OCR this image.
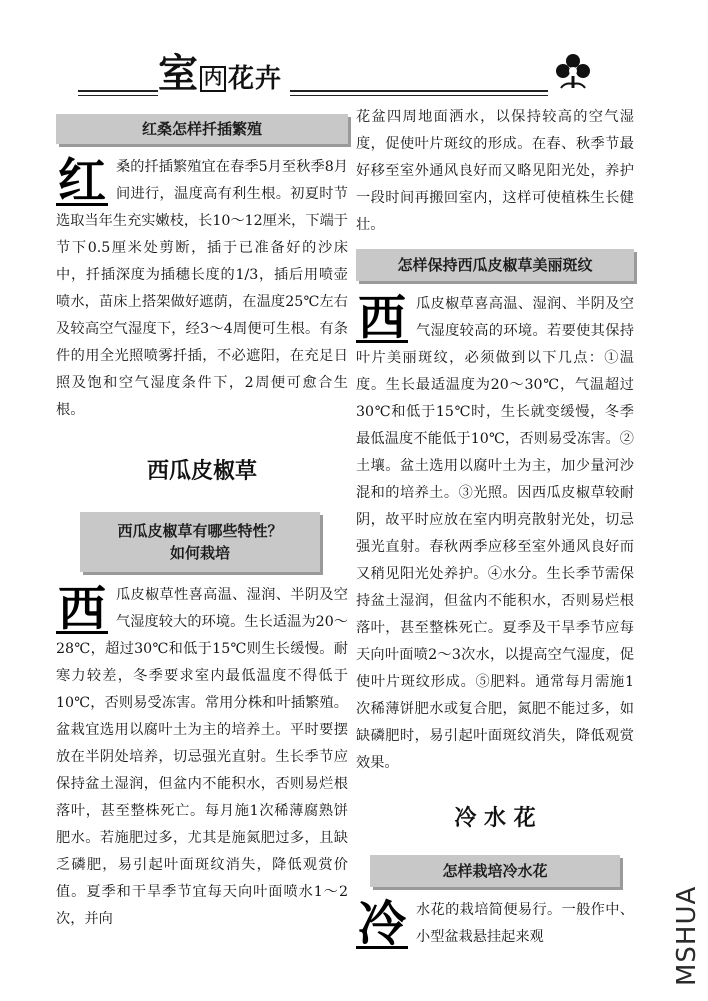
室 内 花卉
红桑怎样扦插繁殖

红 桑的扦插繁殖宜在春季5月至秋季8月间进行，温度高有利生根。初夏时节选取当年生充实嫩枝，长10～12厘米，下端于节下0.5厘米处剪断，插于已准备好的沙床中，扦插深度为插穗长度的1/3，插后用喷壶喷水，苗床上搭架做好遮荫，在温度25℃左右及较高空气湿度下，经3～4周便可生根。有条件的用全光照喷雾扦插，不必遮阳，在充足日照及饱和空气湿度条件下，2周便可愈合生根。

西瓜皮椒草
西瓜皮椒草有哪些特性？
如何栽培

西 瓜皮椒草性喜高温、湿润、半阴及空气湿度较大的环境。生长适温为20～28℃，超过30℃和低于15℃则生长缓慢。耐寒力较差，冬季要求室内最低温度不得低于10℃，否则易受冻害。常用分株和叶插繁殖。盆栽宜选用以腐叶土为主的培养土。平时要摆放在半阴处培养，切忌强光直射。生长季节应保持盆土湿润，但盆内不能积水，否则易烂根落叶，甚至整株死亡。每月施1次稀薄腐熟饼肥水。若施肥过多，尤其是施氮肥过多，且缺乏磷肥，易引起叶面斑纹消失，降低观赏价值。夏季和干旱季节宜每天向叶面喷水1～2次，并向

花盆四周地面洒水，以保持较高的空气湿度，促使叶片斑纹的形成。在春、秋季节最好移至室外通风良好而又略见阳光处，养护一段时间再搬回室内，这样可使植株生长健壮。

怎样保持西瓜皮椒草美丽斑纹

西 瓜皮椒草喜高温、湿润、半阴及空气湿度较高的环境。若要使其保持叶片美丽斑纹，必须做到以下几点：①温度。生长最适温度为20～30℃，气温超过30℃和低于15℃时，生长就变缓慢，冬季最低温度不能低于10℃，否则易受冻害。②土壤。盆土选用以腐叶土为主，加少量河沙混和的培养土。③光照。因西瓜皮椒草较耐阴，故平时应放在室内明亮散射光处，切忌强光直射。春秋两季应移至室外通风良好而又稍见阳光处养护。④水分。生长季节需保持盆土湿润，但盆内不能积水，否则易烂根落叶，甚至整株死亡。夏季及干旱季节应每天向叶面喷2～3次水，以提高空气湿度，促使叶片斑纹形成。⑤肥料。通常每月需施1次稀薄饼肥水或复合肥，氮肥不能过多，如缺磷肥时，易引起叶面斑纹消失，降低观赏效果。

冷 水 花
怎样栽培冷水花

冷 水花的栽培简便易行。一般作中、小型盆栽悬挂起来观	MSHUA
